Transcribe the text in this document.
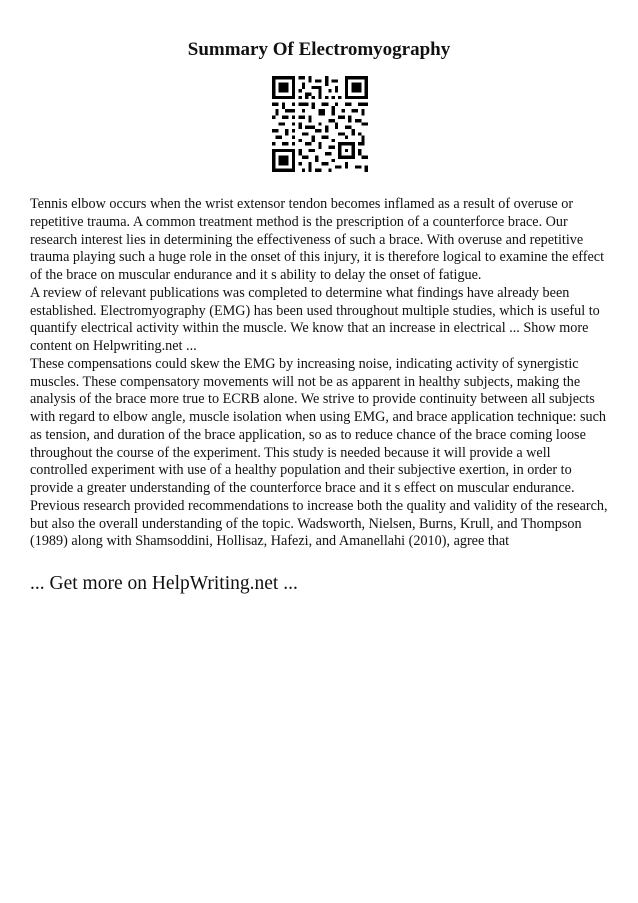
Summary Of Electromyography

Tennis elbow occurs when the wrist extensor tendon becomes inflamed as a result of overuse or repetitive trauma. A common treatment method is the prescription of a counterforce brace. Our research interest lies in determining the effectiveness of such a brace. With overuse and repetitive trauma playing such a huge role in the onset of this injury, it is therefore logical to examine the effect of the brace on muscular endurance and it s ability to delay the onset of fatigue.

A review of relevant publications was completed to determine what findings have already been established. Electromyography (EMG) has been used throughout multiple studies, which is useful to quantify electrical activity within the muscle. We know that an increase in electrical ... Show more content on Helpwriting.net ...

These compensations could skew the EMG by increasing noise, indicating activity of synergistic muscles. These compensatory movements will not be as apparent in healthy subjects, making the analysis of the brace more true to ECRB alone. We strive to provide continuity between all subjects with regard to elbow angle, muscle isolation when using EMG, and brace application technique: such as tension, and duration of the brace application, so as to reduce chance of the brace coming loose throughout the course of the experiment. This study is needed because it will provide a well controlled experiment with use of a healthy population and their subjective exertion, in order to provide a greater understanding of the counterforce brace and it s effect on muscular endurance.

Previous research provided recommendations to increase both the quality and validity of the research, but also the overall understanding of the topic. Wadsworth, Nielsen, Burns, Krull, and Thompson (1989) along with Shamsoddini, Hollisaz, Hafezi, and Amanellahi (2010), agree that

... Get more on HelpWriting.net ...
